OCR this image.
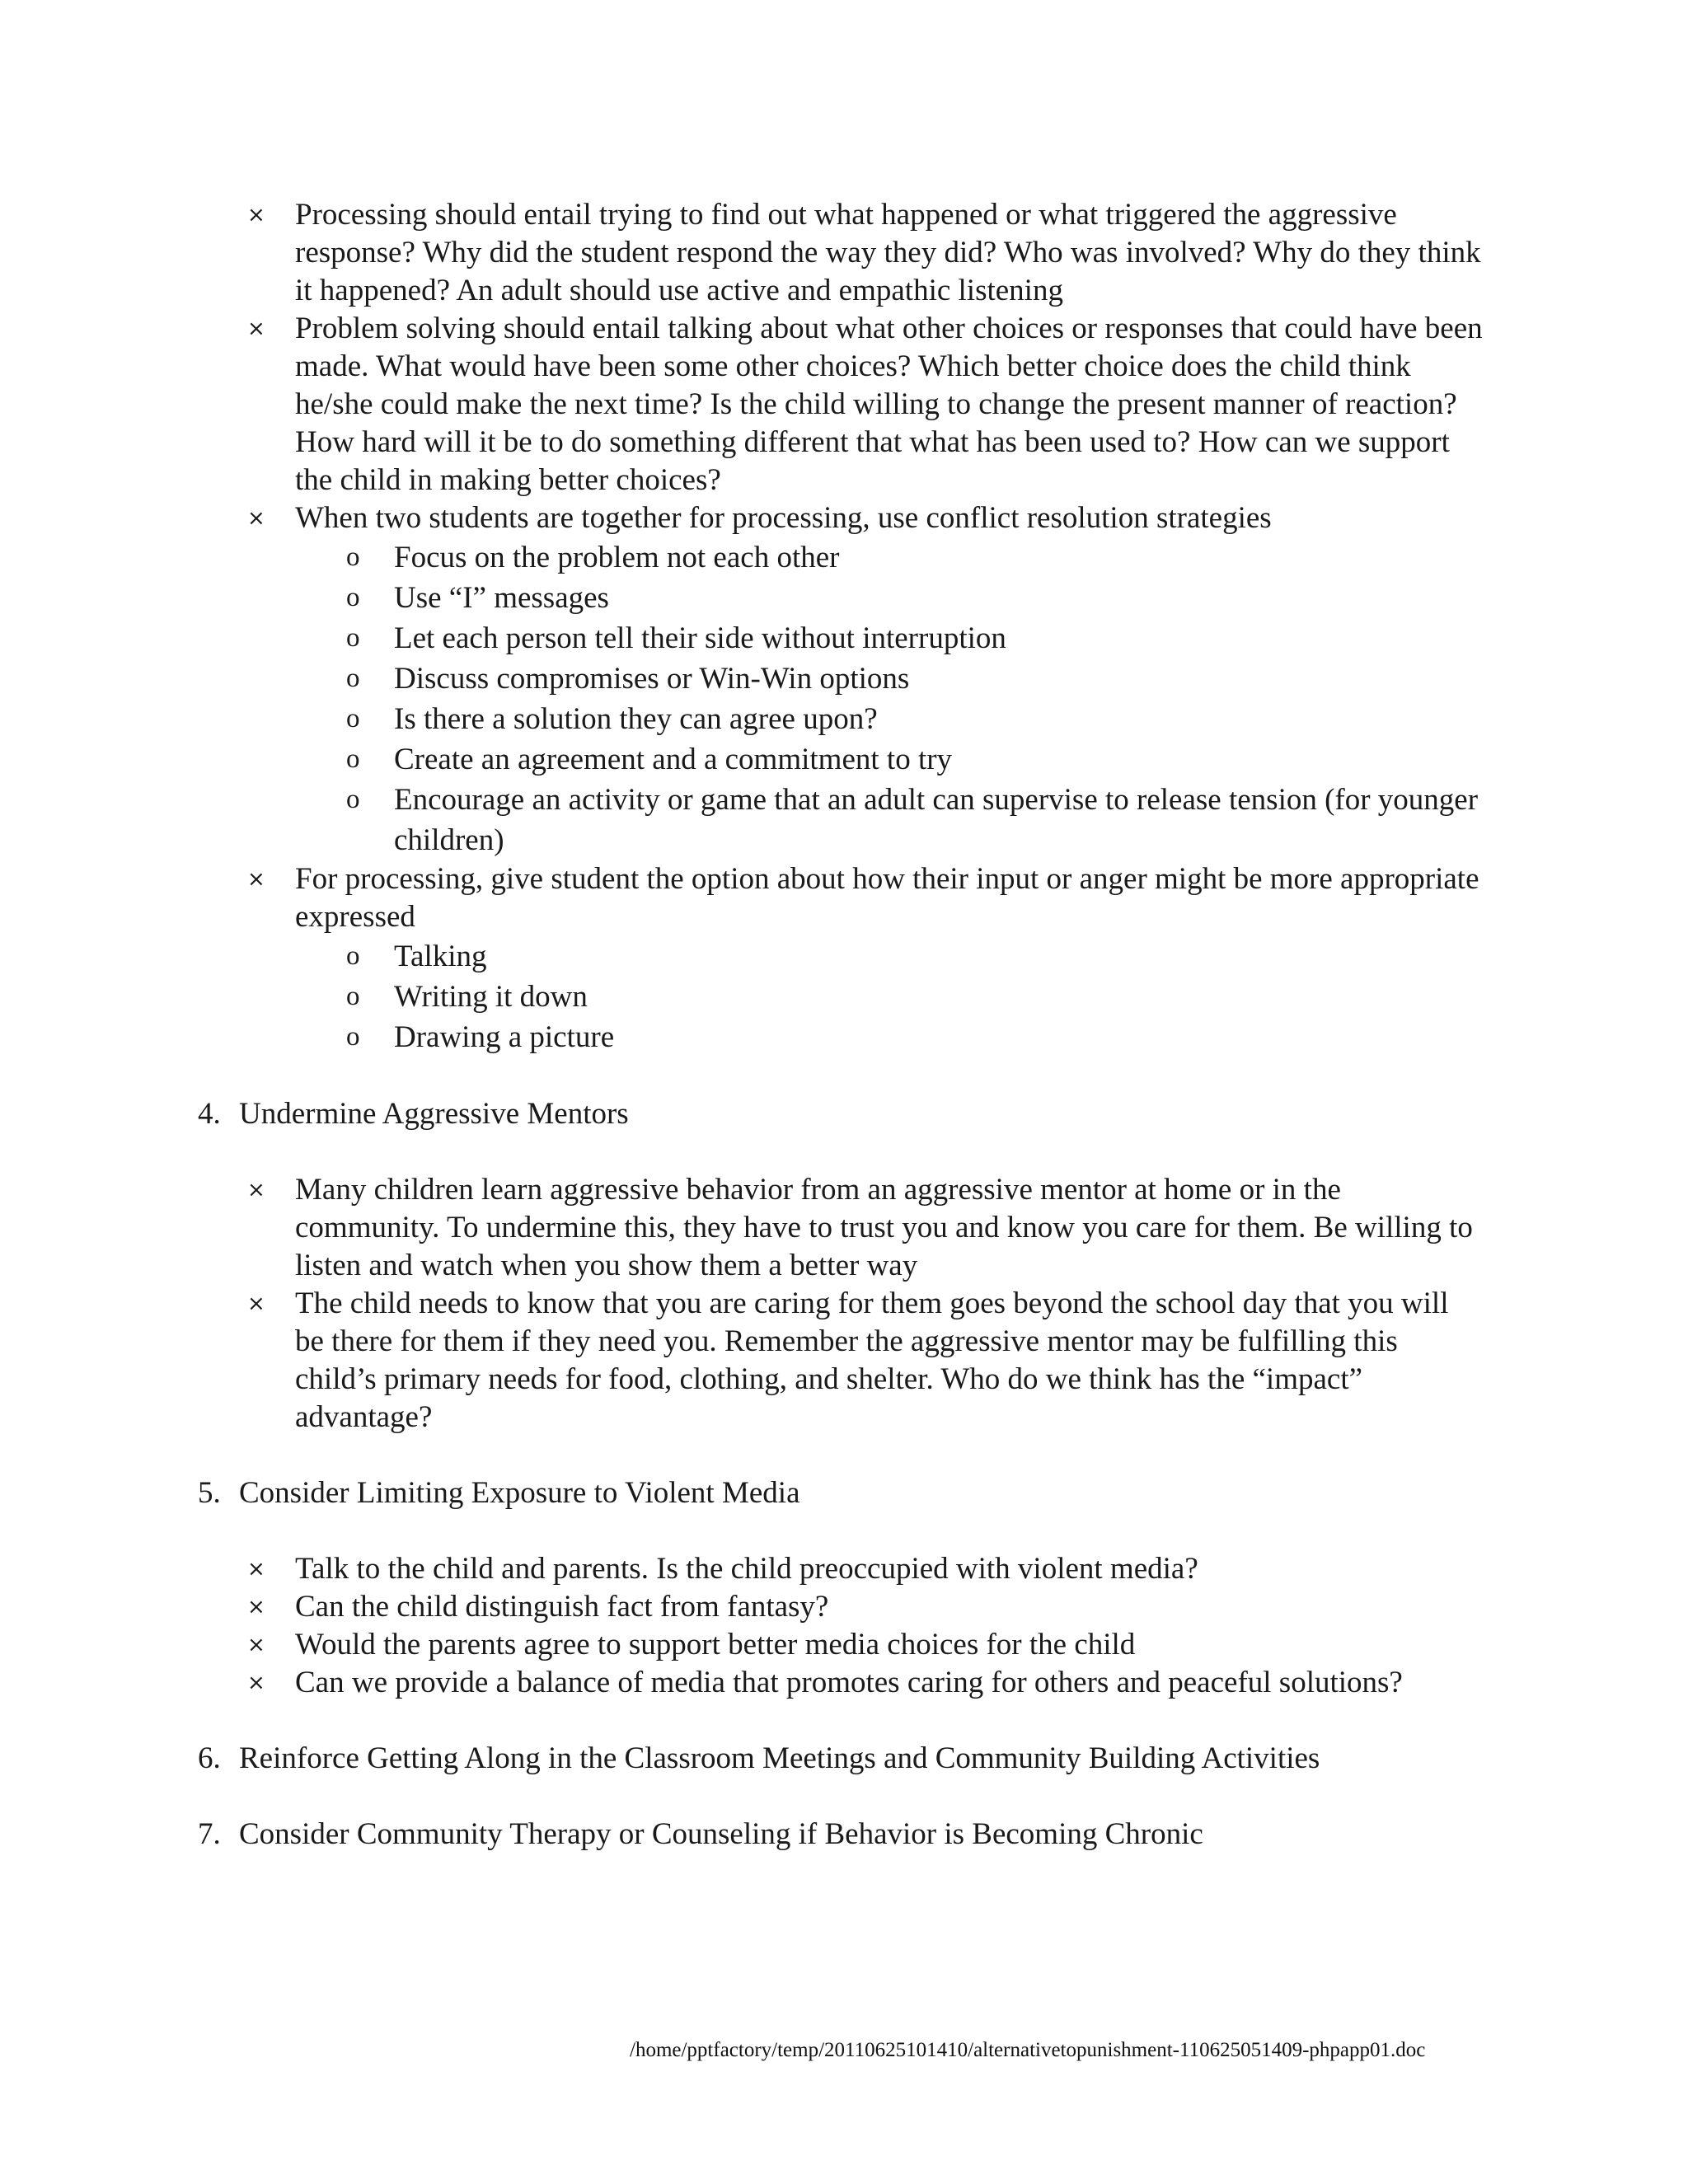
× Processing should entail trying to find out what happened or what triggered the aggressive response? Why did the student respond the way they did? Who was involved? Why do they think it happened? An adult should use active and empathic listening
× Problem solving should entail talking about what other choices or responses that could have been made. What would have been some other choices? Which better choice does the child think he/she could make the next time? Is the child willing to change the present manner of reaction? How hard will it be to do something different that what has been used to? How can we support the child in making better choices?
× When two students are together for processing, use conflict resolution strategies
o Focus on the problem not each other
o Use “I” messages
o Let each person tell their side without interruption
o Discuss compromises or Win-Win options
o Is there a solution they can agree upon?
o Create an agreement and a commitment to try
o Encourage an activity or game that an adult can supervise to release tension (for younger children)
× For processing, give student the option about how their input or anger might be more appropriate expressed
o Talking
o Writing it down
o Drawing a picture
4. Undermine Aggressive Mentors
× Many children learn aggressive behavior from an aggressive mentor at home or in the community. To undermine this, they have to trust you and know you care for them. Be willing to listen and watch when you show them a better way
× The child needs to know that you are caring for them goes beyond the school day that you will be there for them if they need you. Remember the aggressive mentor may be fulfilling this child’s primary needs for food, clothing, and shelter. Who do we think has the “impact” advantage?
5. Consider Limiting Exposure to Violent Media
× Talk to the child and parents. Is the child preoccupied with violent media?
× Can the child distinguish fact from fantasy?
× Would the parents agree to support better media choices for the child
× Can we provide a balance of media that promotes caring for others and peaceful solutions?
6. Reinforce Getting Along in the Classroom Meetings and Community Building Activities
7. Consider Community Therapy or Counseling if Behavior is Becoming Chronic
/home/pptfactory/temp/20110625101410/alternativetopunishment-110625051409-phpapp01.doc
